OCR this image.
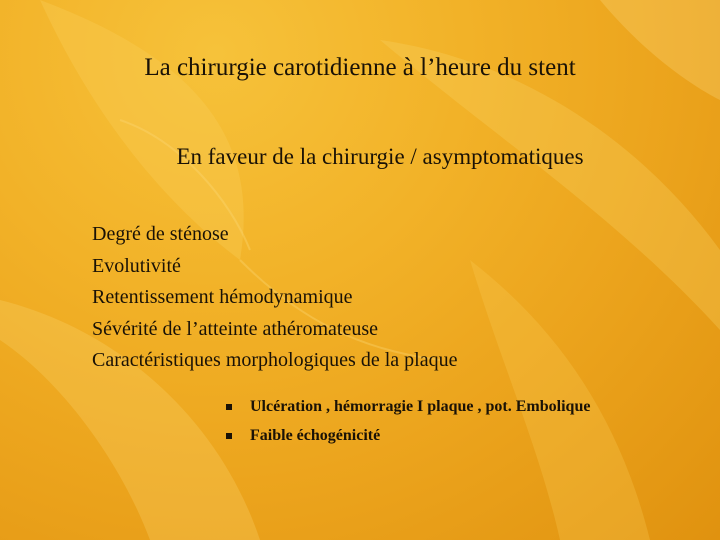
La chirurgie carotidienne à l’heure du stent
En faveur de la chirurgie / asymptomatiques
Degré de sténose
Evolutivité
Retentissement hémodynamique
Sévérité de l’atteinte athéromateuse
Caractéristiques morphologiques de la plaque
Ulcération , hémorragie I plaque , pot. Embolique
Faible échogénicité
